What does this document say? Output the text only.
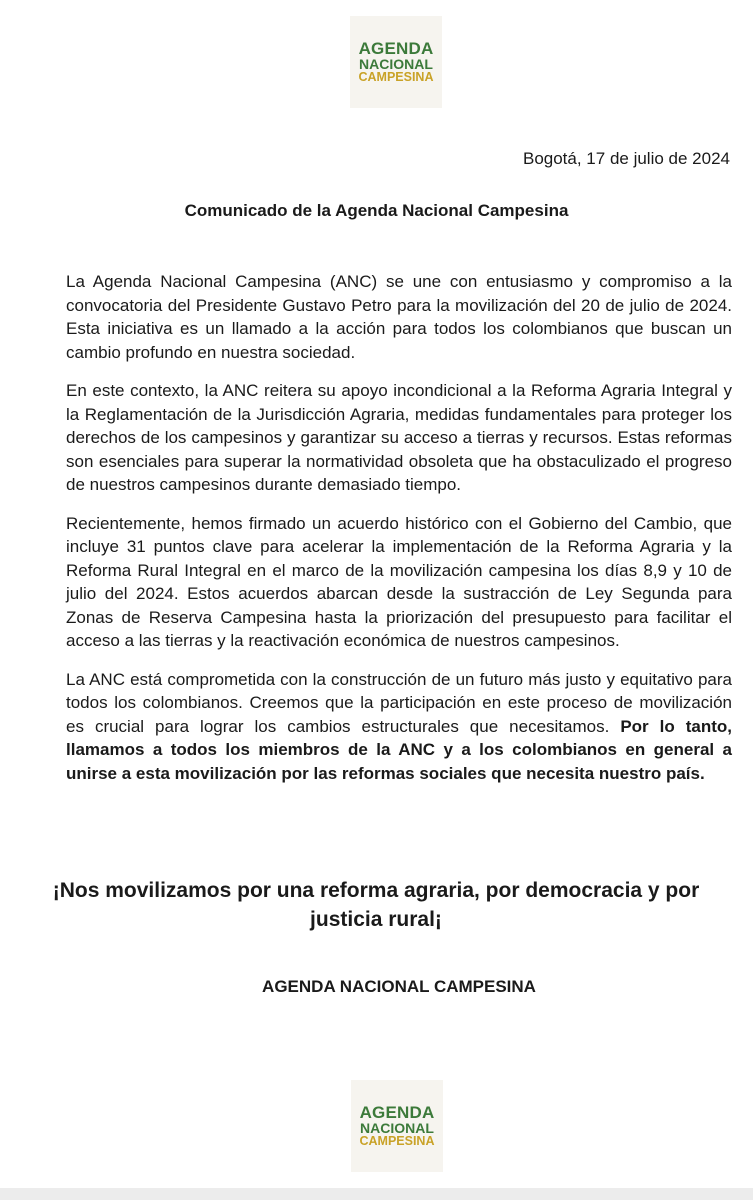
AGENDA
NACIONAL
CAMPESINA
Bogotá, 17 de julio de 2024
Comunicado de la Agenda Nacional Campesina

La Agenda Nacional Campesina (ANC) se une con entusiasmo y compromiso a la convocatoria del Presidente Gustavo Petro para la movilización del 20 de julio de 2024. Esta iniciativa es un llamado a la acción para todos los colombianos que buscan un cambio profundo en nuestra sociedad.

En este contexto, la ANC reitera su apoyo incondicional a la Reforma Agraria Integral y la Reglamentación de la Jurisdicción Agraria, medidas fundamentales para proteger los derechos de los campesinos y garantizar su acceso a tierras y recursos. Estas reformas son esenciales para superar la normatividad obsoleta que ha obstaculizado el progreso de nuestros campesinos durante demasiado tiempo.

Recientemente, hemos firmado un acuerdo histórico con el Gobierno del Cambio, que incluye 31 puntos clave para acelerar la implementación de la Reforma Agraria y la Reforma Rural Integral en el marco de la movilización campesina los días 8,9 y 10 de julio del 2024. Estos acuerdos abarcan desde la sustracción de Ley Segunda para Zonas de Reserva Campesina hasta la priorización del presupuesto para facilitar el acceso a las tierras y la reactivación económica de nuestros campesinos.

La ANC está comprometida con la construcción de un futuro más justo y equitativo para todos los colombianos. Creemos que la participación en este proceso de movilización es crucial para lograr los cambios estructurales que necesitamos. Por lo tanto, llamamos a todos los miembros de la ANC y a los colombianos en general a unirse a esta movilización por las reformas sociales que necesita nuestro país.

¡Nos movilizamos por una reforma agraria, por democracia y por justicia rural¡
AGENDA NACIONAL CAMPESINA
AGENDA
NACIONAL
CAMPESINA
